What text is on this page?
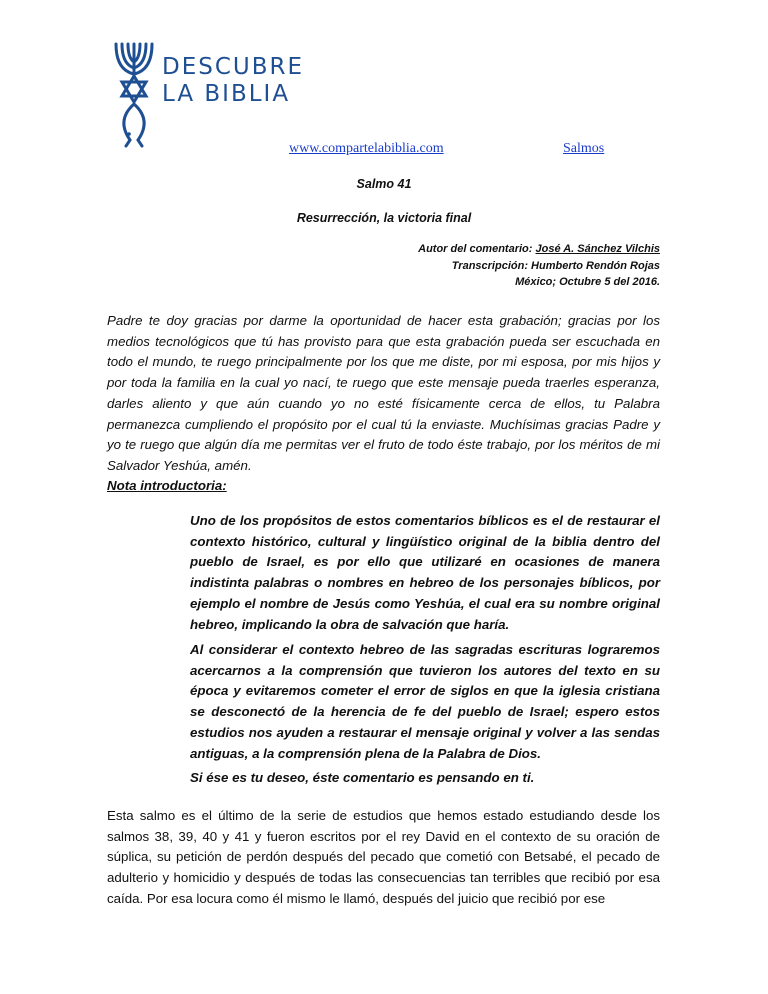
DESCUBRE
LA BIBLIA
www.compartelabiblia.com	Salmos
Salmo 41
Resurrección, la victoria final
Autor del comentario: José A. Sánchez Vilchis
Transcripción: Humberto Rendón Rojas
México; Octubre 5 del 2016.
Padre te doy gracias por darme la oportunidad de hacer esta grabación; gracias por los medios tecnológicos que tú has provisto para que esta grabación pueda ser escuchada en todo el mundo, te ruego principalmente por los que me diste, por mi esposa, por mis hijos y por toda la familia en la cual yo nací, te ruego que este mensaje pueda traerles esperanza, darles aliento y que aún cuando yo no esté físicamente cerca de ellos, tu Palabra permanezca cumpliendo el propósito por el cual tú la enviaste. Muchísimas gracias Padre y yo te ruego que algún día me permitas ver el fruto de todo éste trabajo, por los méritos de mi Salvador Yeshúa, amén.
Nota introductoria:
Uno de los propósitos de estos comentarios bíblicos es el de restaurar el contexto histórico, cultural y lingüístico original de la biblia dentro del pueblo de Israel, es por ello que utilizaré en ocasiones de manera indistinta palabras o nombres en hebreo de los personajes bíblicos, por ejemplo el nombre de Jesús como Yeshúa, el cual era su nombre original hebreo, implicando la obra de salvación que haría.
Al considerar el contexto hebreo de las sagradas escrituras lograremos acercarnos a la comprensión que tuvieron los autores del texto en su época y evitaremos cometer el error de siglos en que la iglesia cristiana se desconectó de la herencia de fe del pueblo de Israel; espero estos estudios nos ayuden a restaurar el mensaje original y volver a las sendas antiguas, a la comprensión plena de la Palabra de Dios.
Si ése es tu deseo, éste comentario es pensando en ti.
Esta salmo es el último de la serie de estudios que hemos estado estudiando desde los salmos 38, 39, 40 y 41 y fueron escritos por el rey David en el contexto de su oración de súplica, su petición de perdón después del pecado que cometió con Betsabé, el pecado de adulterio y homicidio y después de todas las consecuencias tan terribles que recibió por esa caída. Por esa locura como él mismo le llamó, después del juicio que recibió por ese
